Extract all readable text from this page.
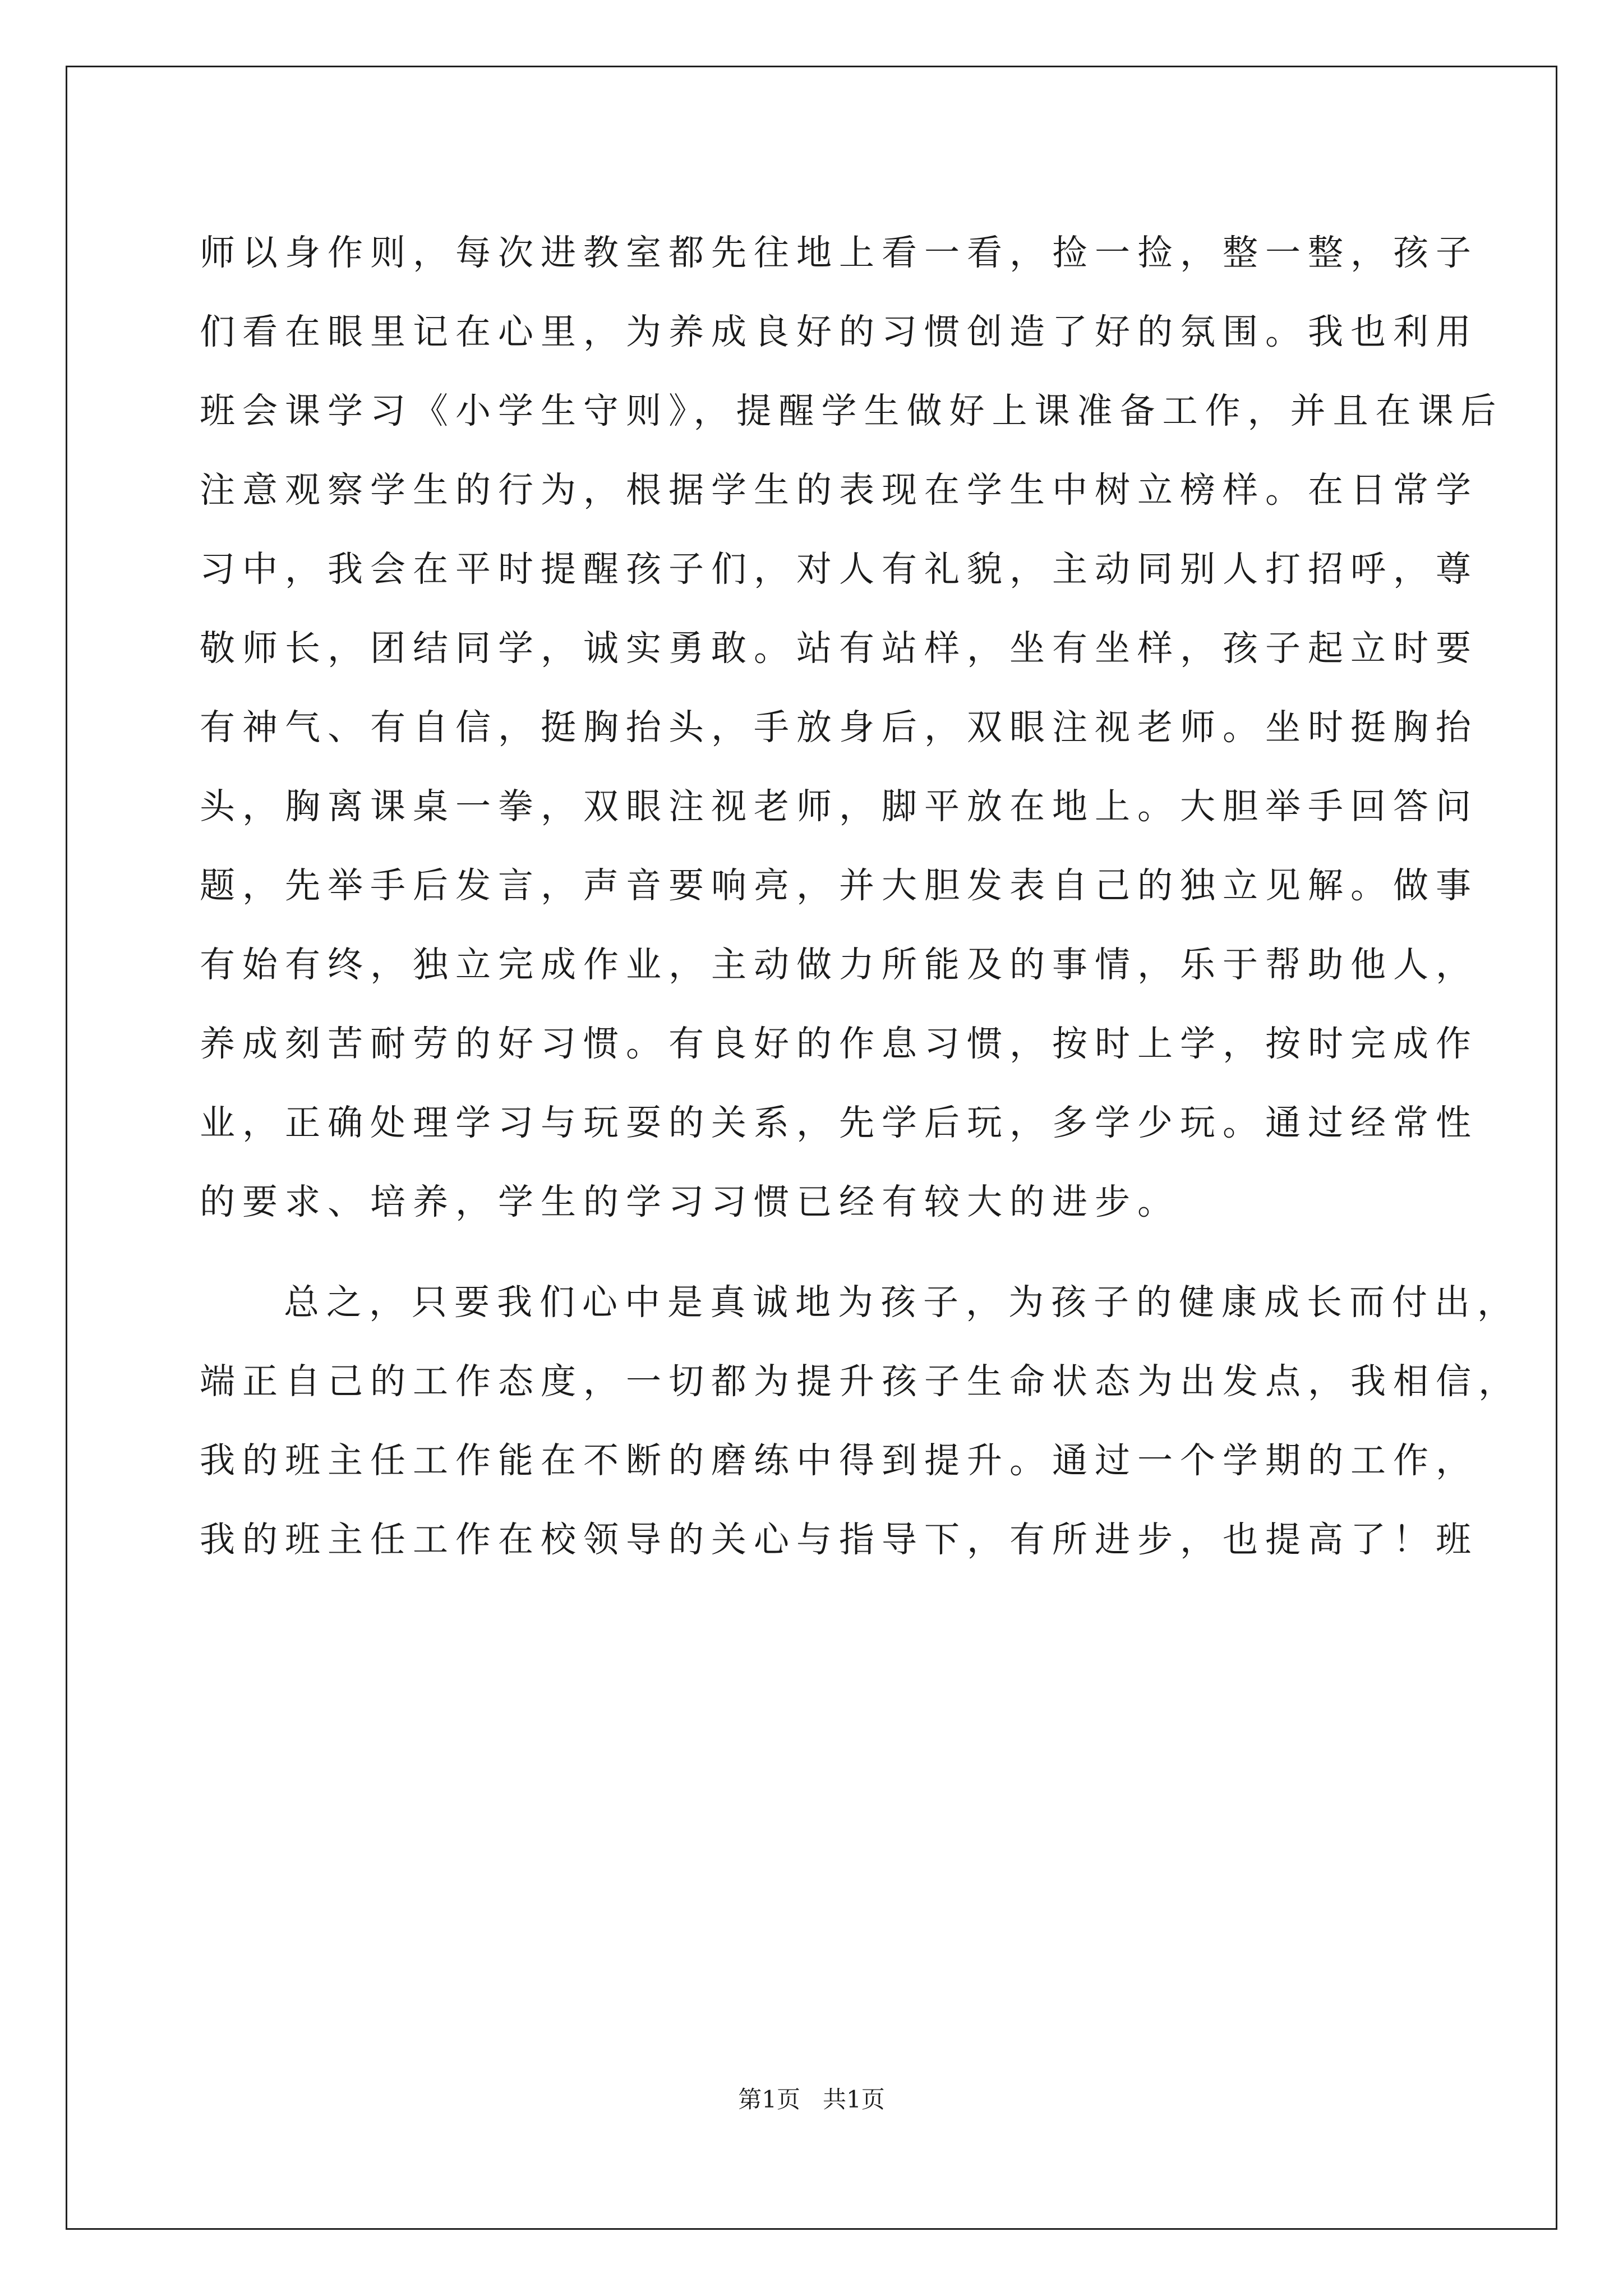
师以身作则，每次进教室都先往地上看一看，捡一捡，整一整，孩子
们看在眼里记在心里，为养成良好的习惯创造了好的氛围。我也利用
班会课学习《小学生守则》，提醒学生做好上课准备工作，并且在课后
注意观察学生的行为，根据学生的表现在学生中树立榜样。在日常学
习中，我会在平时提醒孩子们，对人有礼貌，主动同别人打招呼，尊
敬师长，团结同学，诚实勇敢。站有站样，坐有坐样，孩子起立时要
有神气、有自信，挺胸抬头，手放身后，双眼注视老师。坐时挺胸抬
头，胸离课桌一拳，双眼注视老师，脚平放在地上。大胆举手回答问
题，先举手后发言，声音要响亮，并大胆发表自己的独立见解。做事
有始有终，独立完成作业，主动做力所能及的事情，乐于帮助他人，
养成刻苦耐劳的好习惯。有良好的作息习惯，按时上学，按时完成作
业，正确处理学习与玩耍的关系，先学后玩，多学少玩。通过经常性
的要求、培养，学生的学习习惯已经有较大的进步。
总之，只要我们心中是真诚地为孩子，为孩子的健康成长而付出，
端正自己的工作态度，一切都为提升孩子生命状态为出发点，我相信，
我的班主任工作能在不断的磨练中得到提升。通过一个学期的工作，
我的班主任工作在校领导的关心与指导下，有所进步，也提高了！班
第1页   共1页
